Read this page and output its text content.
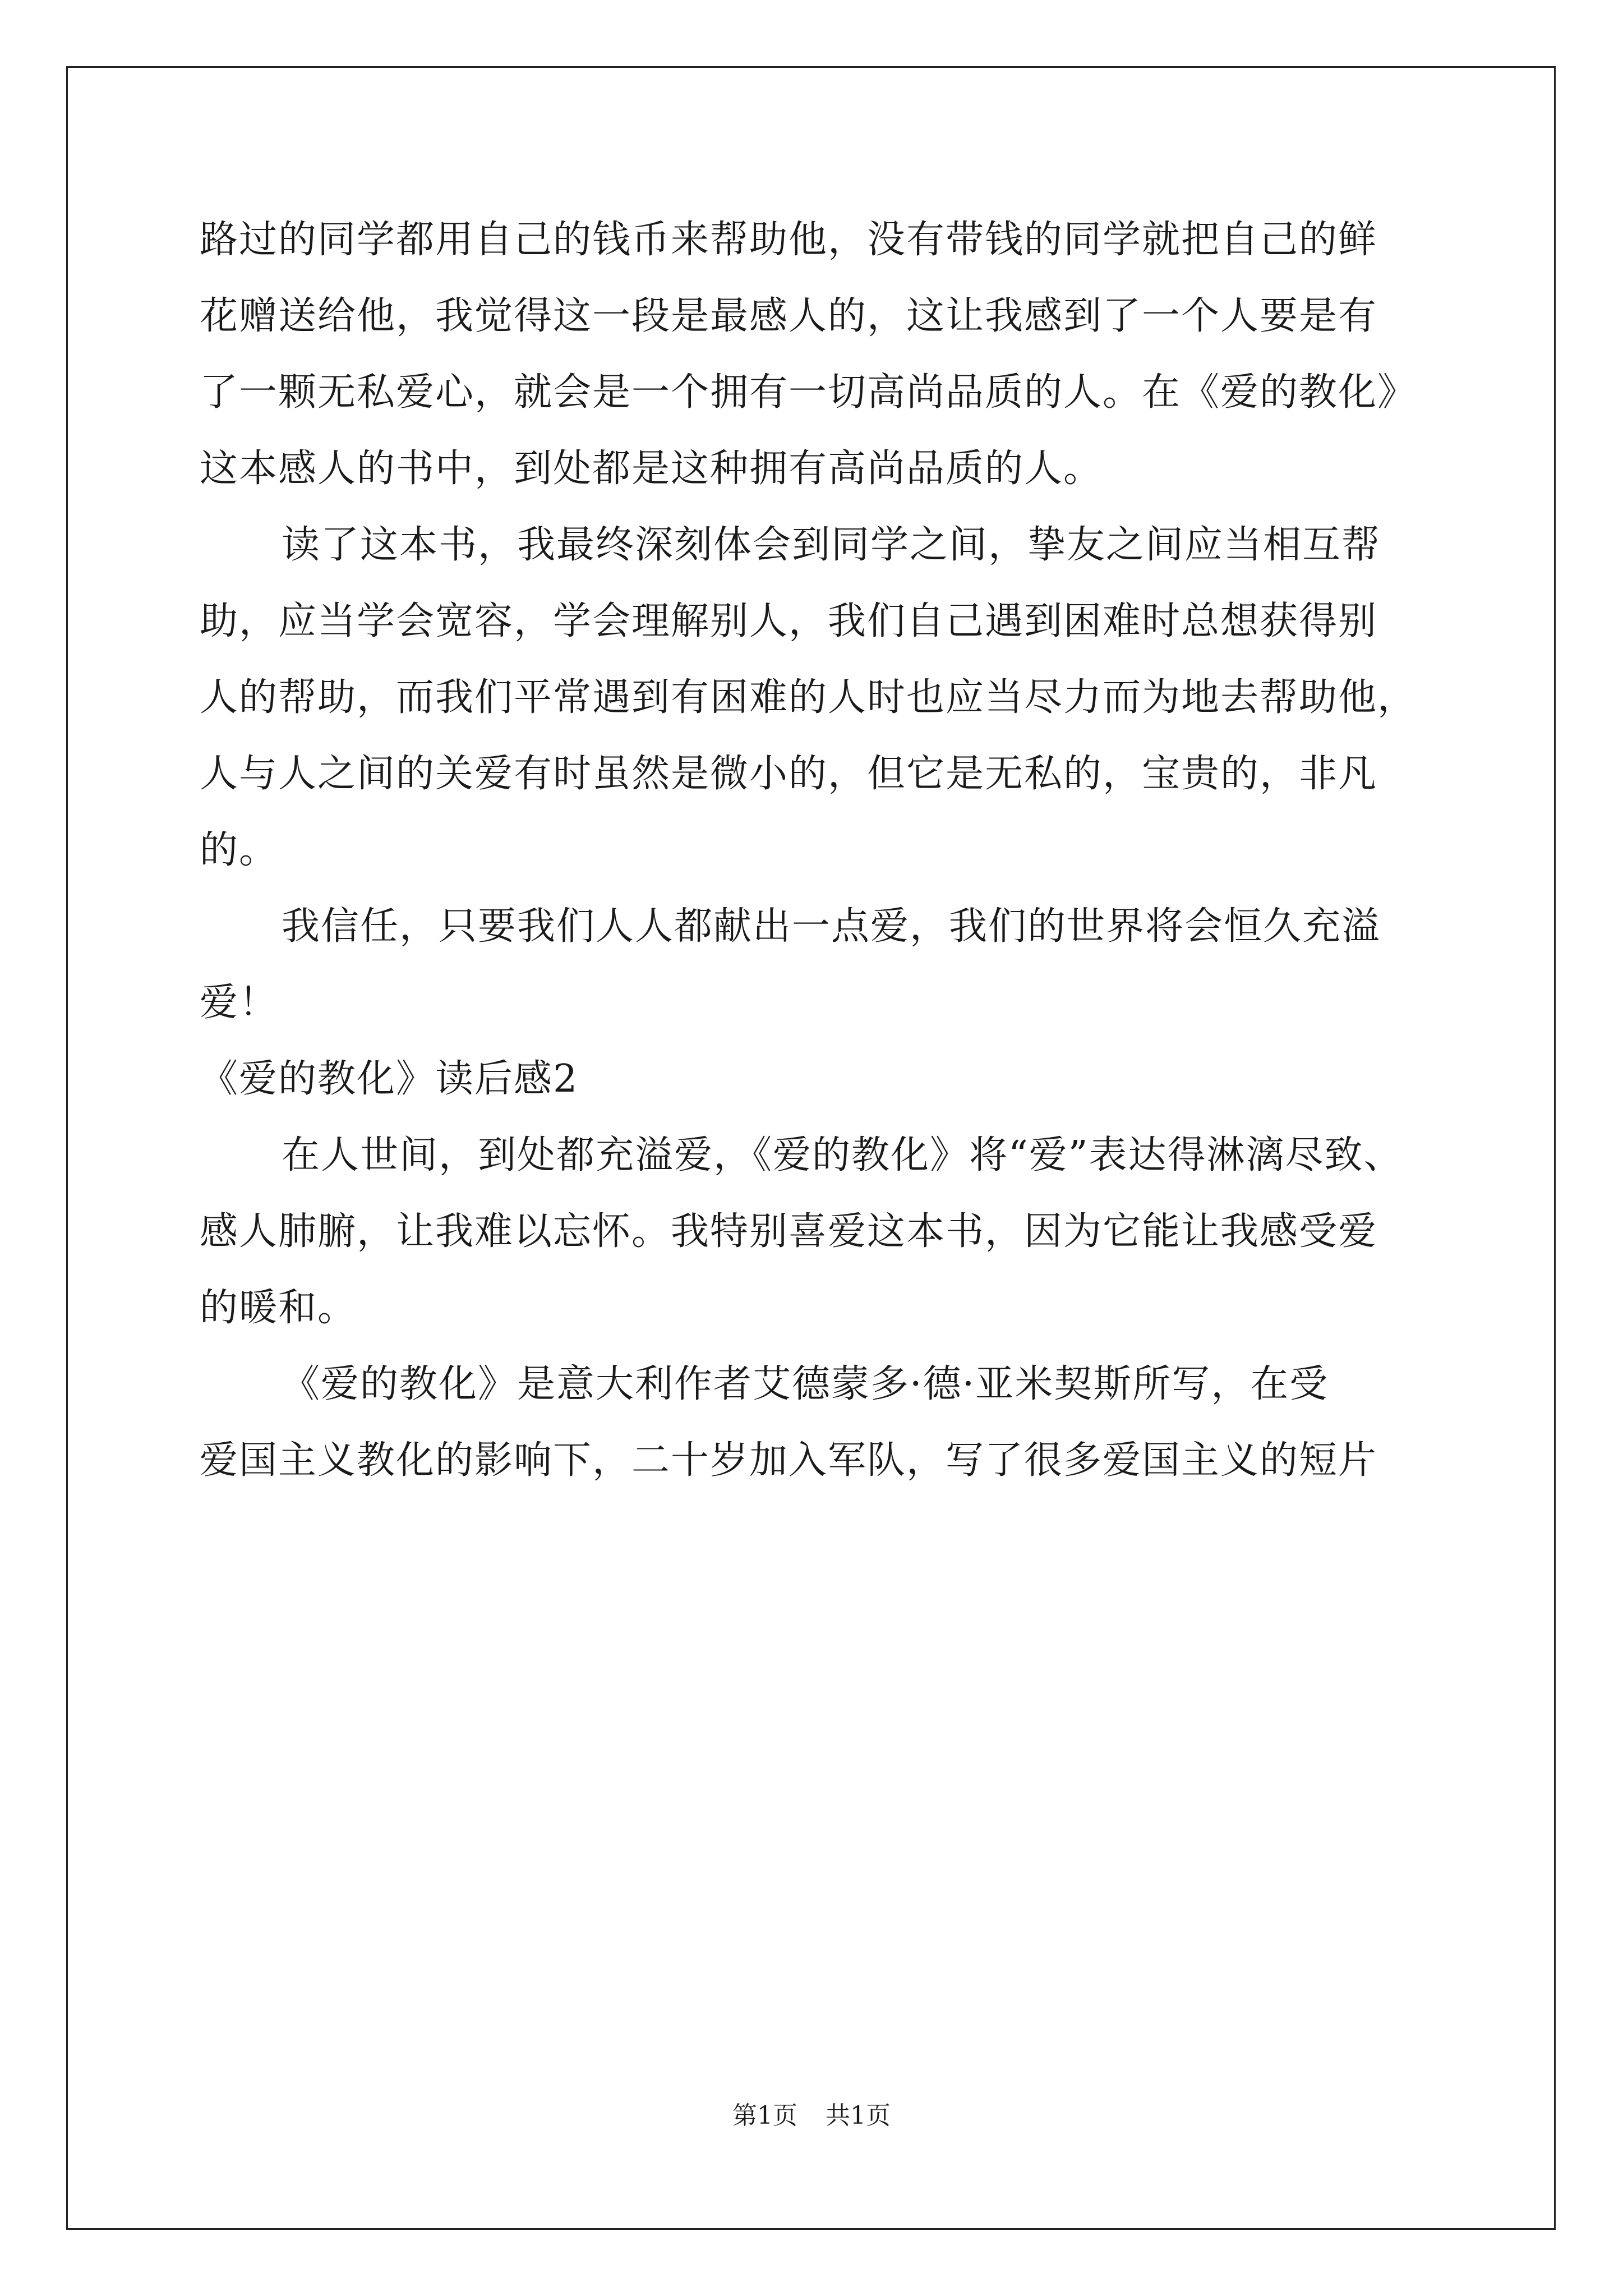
路过的同学都用自己的钱币来帮助他，没有带钱的同学就把自己的鲜
花赠送给他，我觉得这一段是最感人的，这让我感到了一个人要是有
了一颗无私爱心，就会是一个拥有一切高尚品质的人。在《爱的教化》
这本感人的书中，到处都是这种拥有高尚品质的人。
读了这本书，我最终深刻体会到同学之间，挚友之间应当相互帮
助，应当学会宽容，学会理解别人，我们自己遇到困难时总想获得别
人的帮助，而我们平常遇到有困难的人时也应当尽力而为地去帮助他，
人与人之间的关爱有时虽然是微小的，但它是无私的，宝贵的，非凡
的。
我信任，只要我们人人都献出一点爱，我们的世界将会恒久充溢
爱！
《爱的教化》读后感2
在人世间，到处都充溢爱，《爱的教化》将“爱”表达得淋漓尽致、
感人肺腑，让我难以忘怀。我特别喜爱这本书，因为它能让我感受爱
的暖和。
《爱的教化》是意大利作者艾德蒙多·德·亚米契斯所写，在受
爱国主义教化的影响下，二十岁加入军队，写了很多爱国主义的短片
第1页 共1页
